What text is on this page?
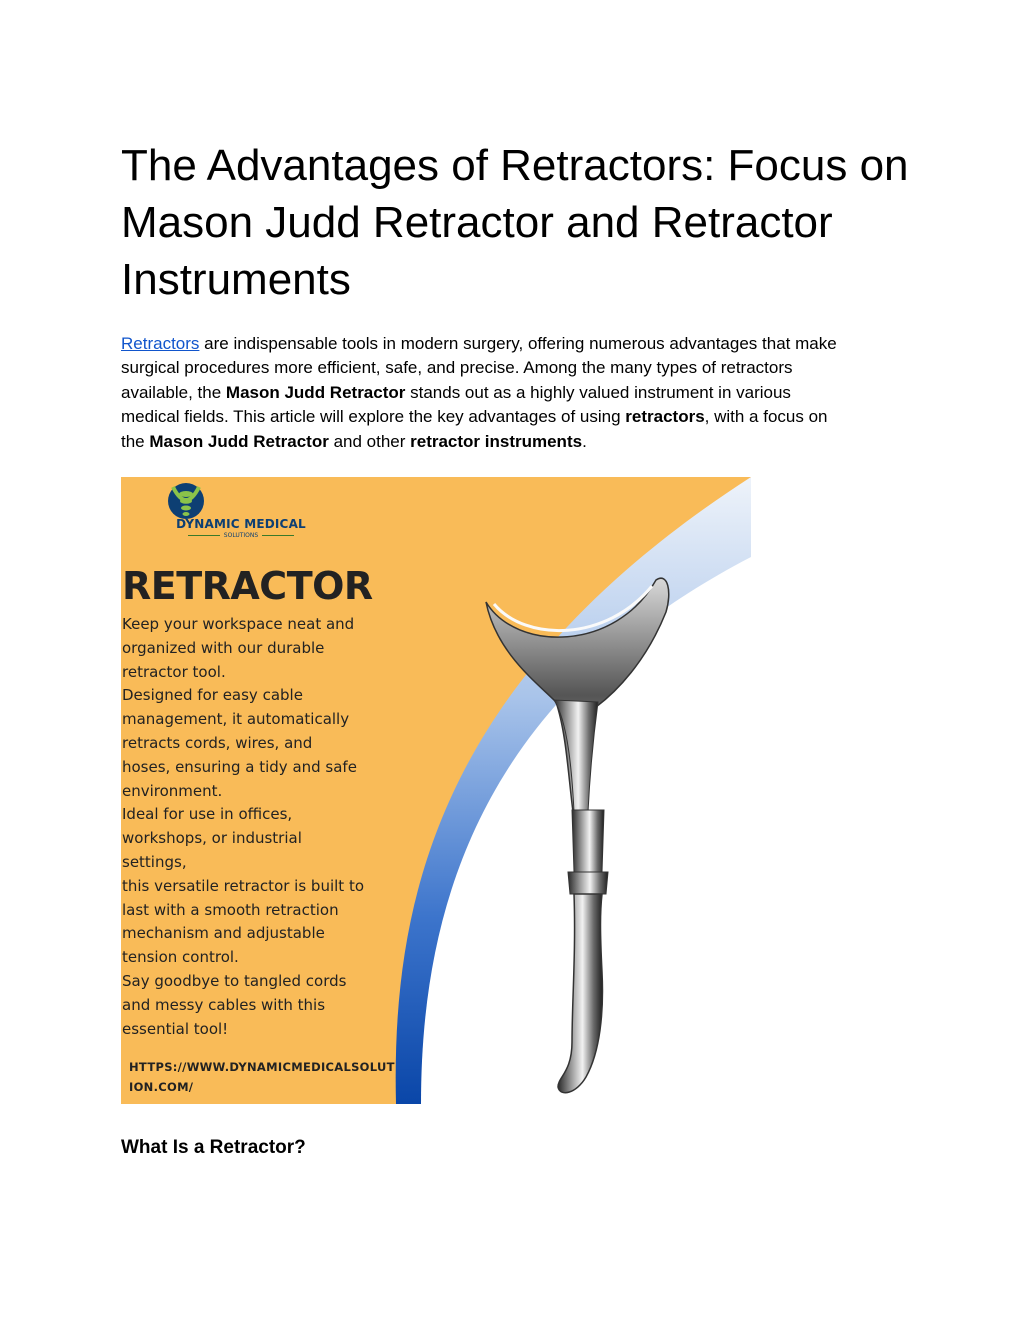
The Advantages of Retractors: Focus on
Mason Judd Retractor and Retractor
Instruments

Retractors are indispensable tools in modern surgery, offering numerous advantages that make
surgical procedures more efficient, safe, and precise. Among the many types of retractors
available, the Mason Judd Retractor stands out as a highly valued instrument in various
medical fields. This article will explore the key advantages of using retractors, with a focus on
the Mason Judd Retractor and other retractor instruments.

DYNAMIC MEDICAL
SOLUTIONS
RETRACTOR
Keep your workspace neat and
organized with our durable
retractor tool.
Designed for easy cable
management, it automatically
retracts cords, wires, and
hoses, ensuring a tidy and safe
environment.
Ideal for use in offices,
workshops, or industrial
settings,
this versatile retractor is built to
last with a smooth retraction
mechanism and adjustable
tension control.
Say goodbye to tangled cords
and messy cables with this
essential tool!
HTTPS://WWW.DYNAMICMEDICALSOLUT
ION.COM/
What Is a Retractor?
